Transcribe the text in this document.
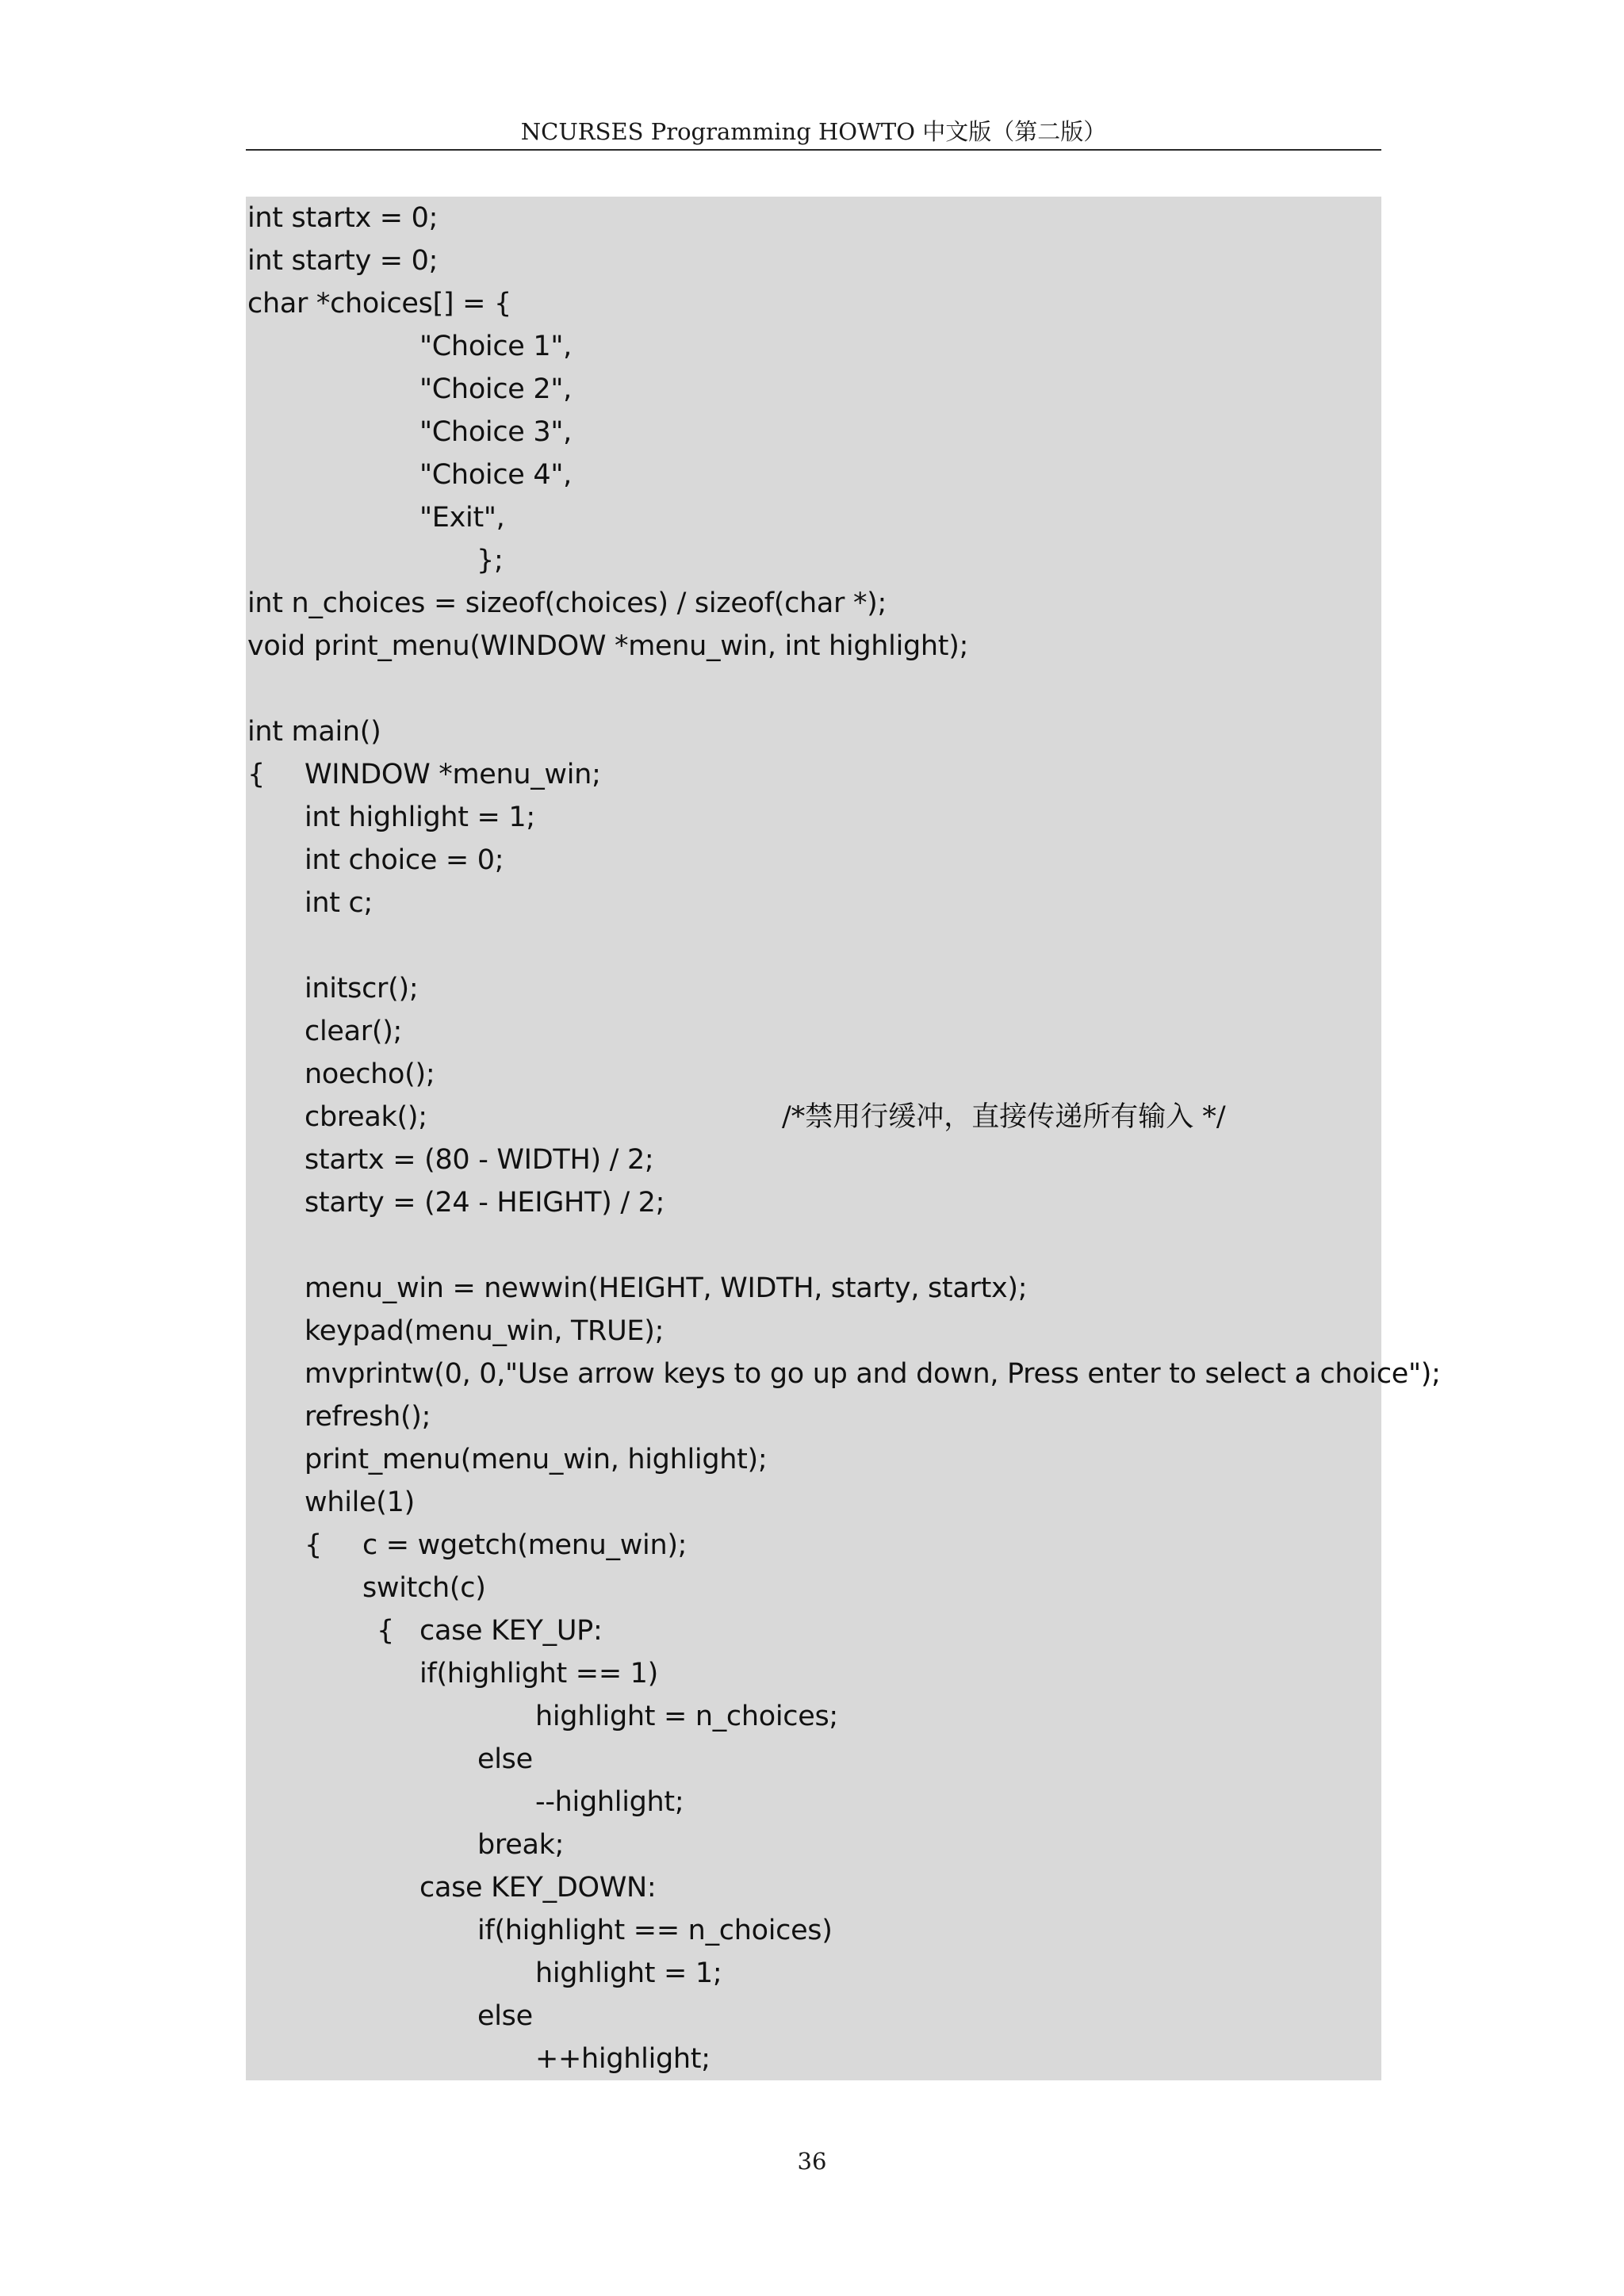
NCURSES Programming HOWTO 中文版（第二版）
int startx = 0;
int starty = 0;
char *choices[] = {
"Choice 1",
"Choice 2",
"Choice 3",
"Choice 4",
"Exit",
};
int n_choices = sizeof(choices) / sizeof(char *);
void print_menu(WINDOW *menu_win, int highlight);
int main()
{ WINDOW *menu_win;
int highlight = 1;
int choice = 0;
int c;
initscr();
clear();
noecho();
cbreak();	/*禁用行缓冲，直接传递所有输入 */
startx = (80 - WIDTH) / 2;
starty = (24 - HEIGHT) / 2;
menu_win = newwin(HEIGHT, WIDTH, starty, startx);
keypad(menu_win, TRUE);
mvprintw(0, 0,"Use arrow keys to go up and down, Press enter to select a choice");
refresh();
print_menu(menu_win, highlight);
while(1)
{ c = wgetch(menu_win);
switch(c)
{ case KEY_UP:
if(highlight == 1)
highlight = n_choices;
else
--highlight;
break;
case KEY_DOWN:
if(highlight == n_choices)
highlight = 1;
else
++highlight;
36
